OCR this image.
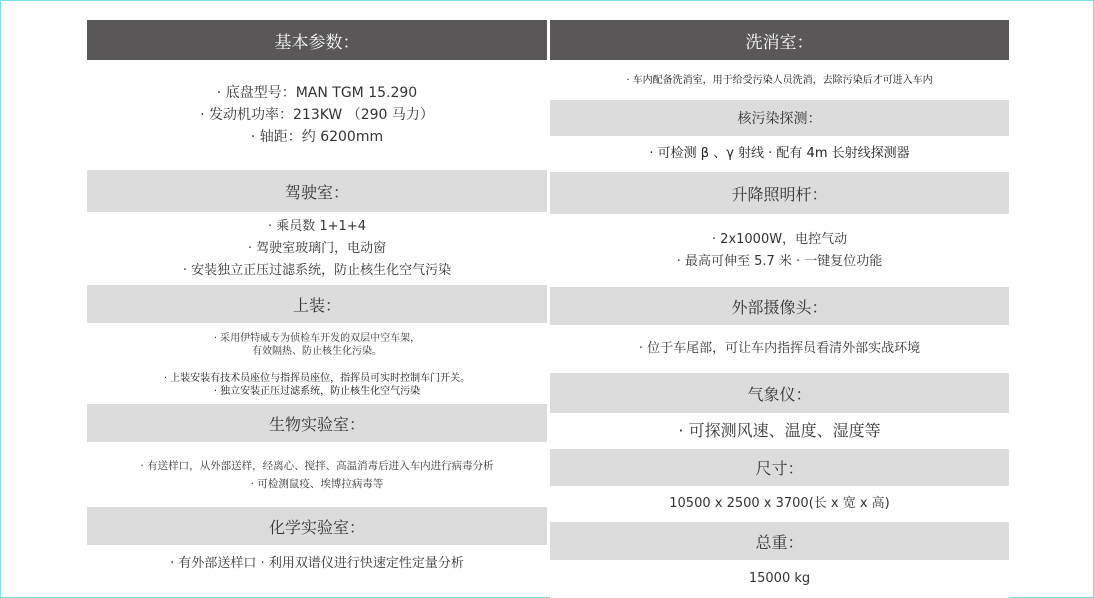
基本参数：
· 底盘型号：MAN TGM 15.290
· 发动机功率：213KW （290 马力）
· 轴距：约 6200mm
驾驶室：
· 乘员数 1+1+4
· 驾驶室玻璃门，电动窗
· 安装独立正压过滤系统，防止核生化空气污染
上装：
· 采用伊特威专为侦检车开发的双层中空车架，
有效隔热、防止核生化污染。
· 上装安装有技术员座位与指挥员座位，指挥员可实时控制车门开关。
· 独立安装正压过滤系统，防止核生化空气污染
生物实验室：
· 有送样口，从外部送样，经离心、搅拌、高温消毒后进入车内进行病毒分析
· 可检测鼠疫、埃博拉病毒等
化学实验室：
· 有外部送样口 · 利用双谱仪进行快速定性定量分析
洗消室：
· 车内配备洗消室，用于给受污染人员洗消，去除污染后才可进入车内
核污染探测：
· 可检测 β 、γ 射线 · 配有 4m 长射线探测器
升降照明杆：
· 2x1000W，电控气动
· 最高可伸至 5.7 米 · 一键复位功能
外部摄像头：
· 位于车尾部，可让车内指挥员看清外部实战环境
气象仪：
· 可探测风速、温度、湿度等
尺寸：
10500 x 2500 x 3700(长 x 宽 x 高)
总重：
15000 kg
